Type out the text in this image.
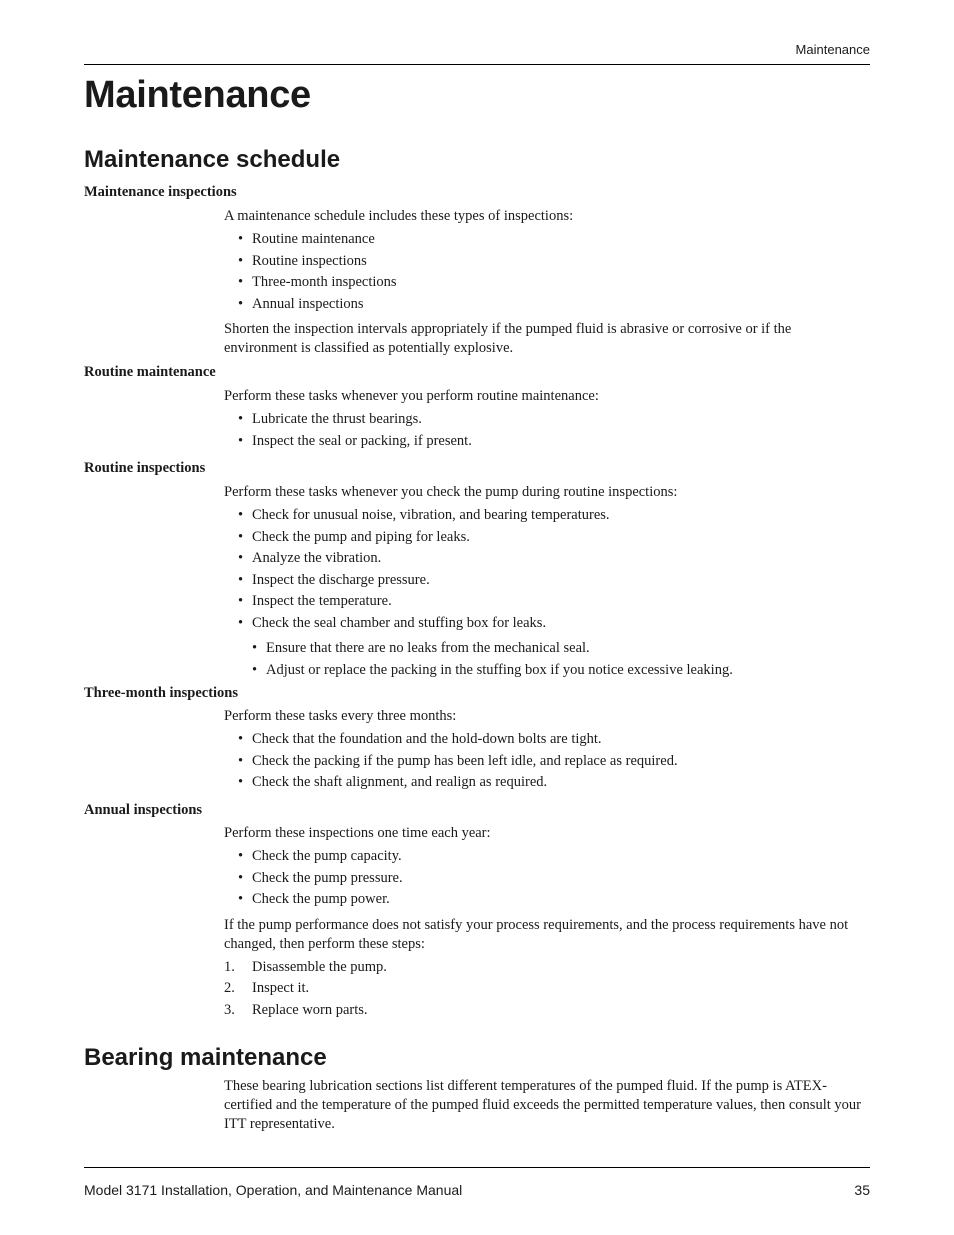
Maintenance
Maintenance
Maintenance schedule
Maintenance inspections

A maintenance schedule includes these types of inspections:

• Routine maintenance
• Routine inspections
• Three-month inspections
• Annual inspections

Shorten the inspection intervals appropriately if the pumped fluid is abrasive or corrosive or if the environment is classified as potentially explosive.

Routine maintenance

Perform these tasks whenever you perform routine maintenance:

• Lubricate the thrust bearings.
• Inspect the seal or packing, if present.
Routine inspections

Perform these tasks whenever you check the pump during routine inspections:

• Check for unusual noise, vibration, and bearing temperatures.
• Check the pump and piping for leaks.
• Analyze the vibration.
• Inspect the discharge pressure.
• Inspect the temperature.
• Check the seal chamber and stuffing box for leaks.
• Ensure that there are no leaks from the mechanical seal.
• Adjust or replace the packing in the stuffing box if you notice excessive leaking.
Three-month inspections

Perform these tasks every three months:

• Check that the foundation and the hold-down bolts are tight.
• Check the packing if the pump has been left idle, and replace as required.
• Check the shaft alignment, and realign as required.
Annual inspections

Perform these inspections one time each year:

• Check the pump capacity.
• Check the pump pressure.
• Check the pump power.

If the pump performance does not satisfy your process requirements, and the process requirements have not changed, then perform these steps:

1. Disassemble the pump.
2. Inspect it.
3. Replace worn parts.
Bearing maintenance

These bearing lubrication sections list different temperatures of the pumped fluid. If the pump is ATEX-certified and the temperature of the pumped fluid exceeds the permitted temperature values, then consult your ITT representative.

Model 3171 Installation, Operation, and Maintenance Manual	35
